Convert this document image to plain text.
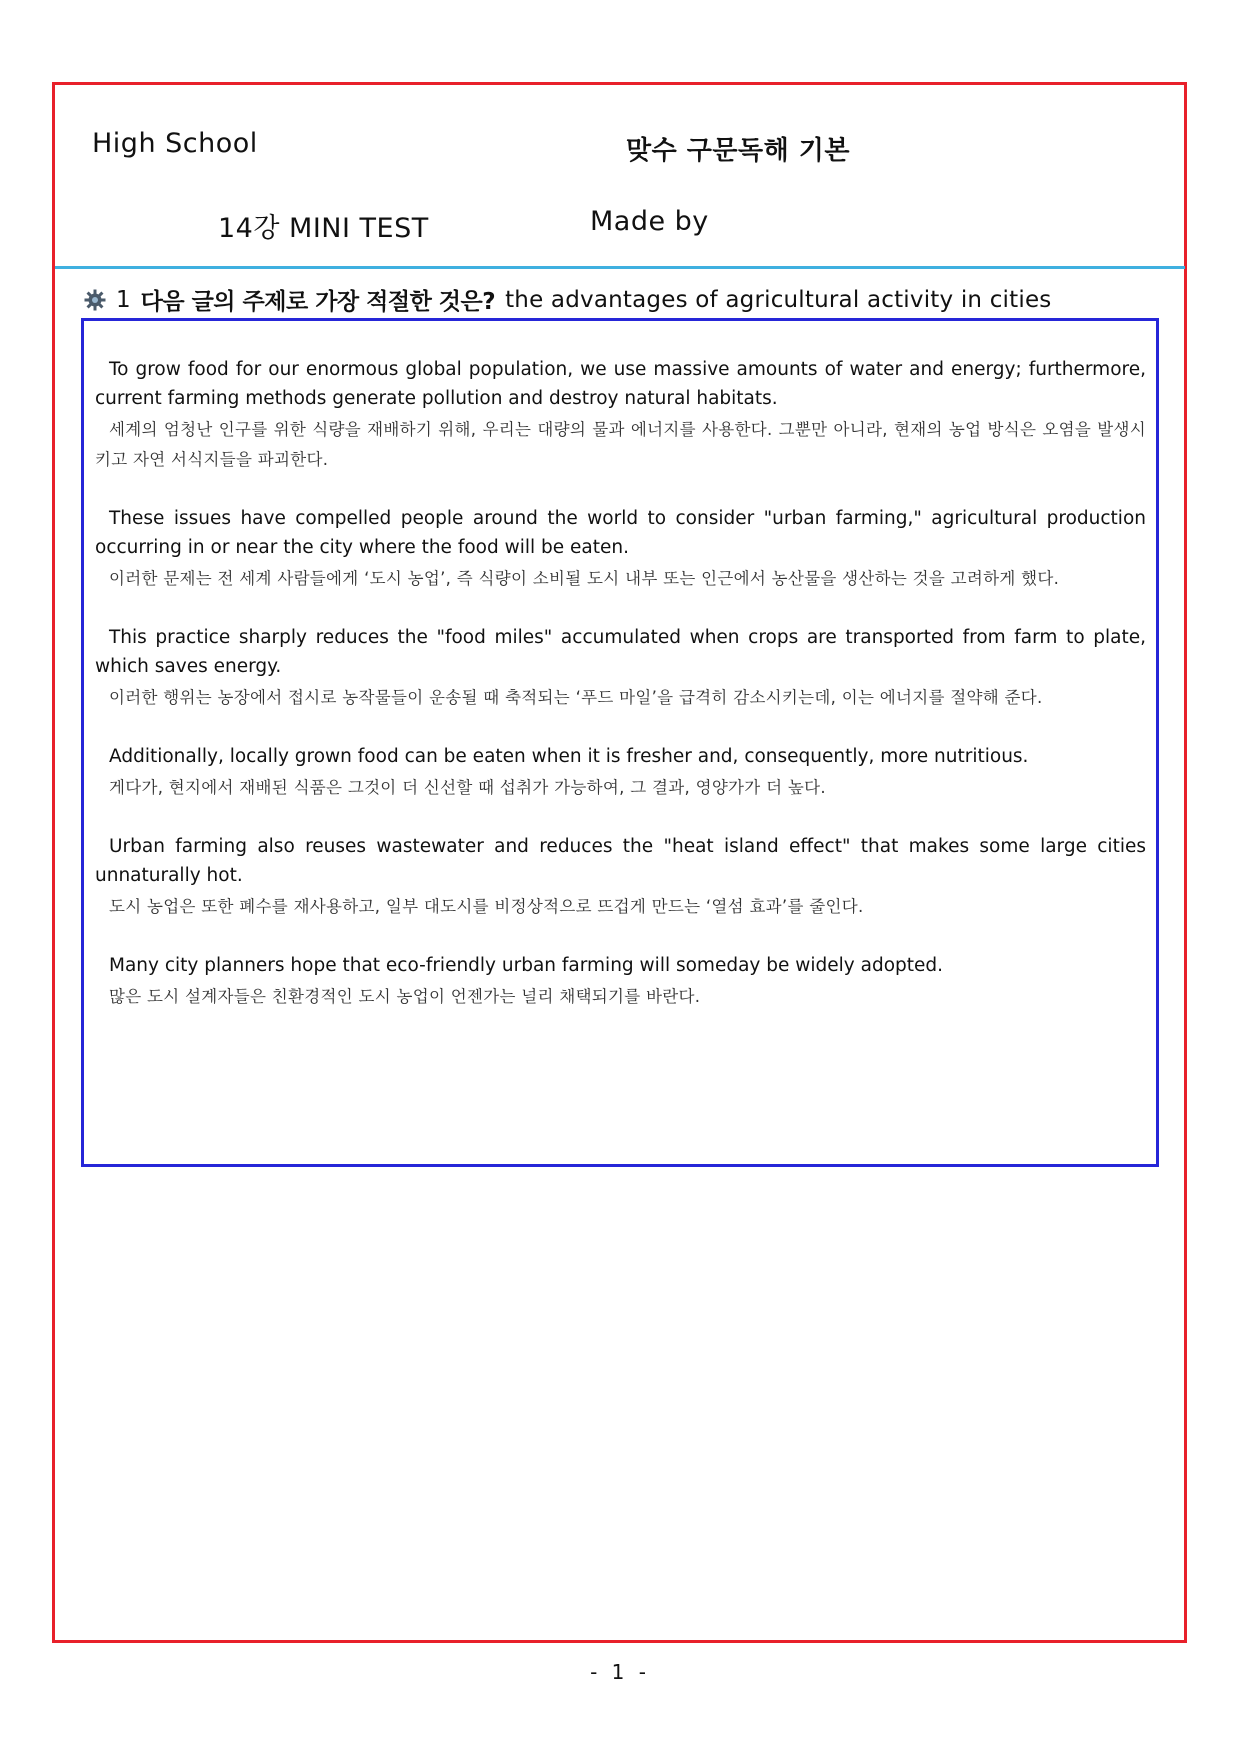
High School	맞수 구문독해 기본
14강 MINI TEST	Made by
1 다음 글의 주제로 가장 적절한 것은? the advantages of agricultural activity in cities

To grow food for our enormous global population, we use massive amounts of water and energy; furthermore, current farming methods generate pollution and destroy natural habitats.

세계의 엄청난 인구를 위한 식량을 재배하기 위해, 우리는 대량의 물과 에너지를 사용한다. 그뿐만 아니라, 현재의 농업 방식은 오염을 발생시키고 자연 서식지들을 파괴한다.

These issues have compelled people around the world to consider "urban farming," agricultural production occurring in or near the city where the food will be eaten.

이러한 문제는 전 세계 사람들에게 ‘도시 농업’, 즉 식량이 소비될 도시 내부 또는 인근에서 농산물을 생산하는 것을 고려하게 했다.

This practice sharply reduces the "food miles" accumulated when crops are transported from farm to plate, which saves energy.

이러한 행위는 농장에서 접시로 농작물들이 운송될 때 축적되는 ‘푸드 마일’을 급격히 감소시키는데, 이는 에너지를 절약해 준다.

Additionally, locally grown food can be eaten when it is fresher and, consequently, more nutritious.

게다가, 현지에서 재배된 식품은 그것이 더 신선할 때 섭취가 가능하여, 그 결과, 영양가가 더 높다.

Urban farming also reuses wastewater and reduces the "heat island effect" that makes some large cities unnaturally hot.

도시 농업은 또한 폐수를 재사용하고, 일부 대도시를 비정상적으로 뜨겁게 만드는 ‘열섬 효과’를 줄인다.

Many city planners hope that eco-friendly urban farming will someday be widely adopted.

많은 도시 설계자들은 친환경적인 도시 농업이 언젠가는 널리 채택되기를 바란다.

- 1 -
